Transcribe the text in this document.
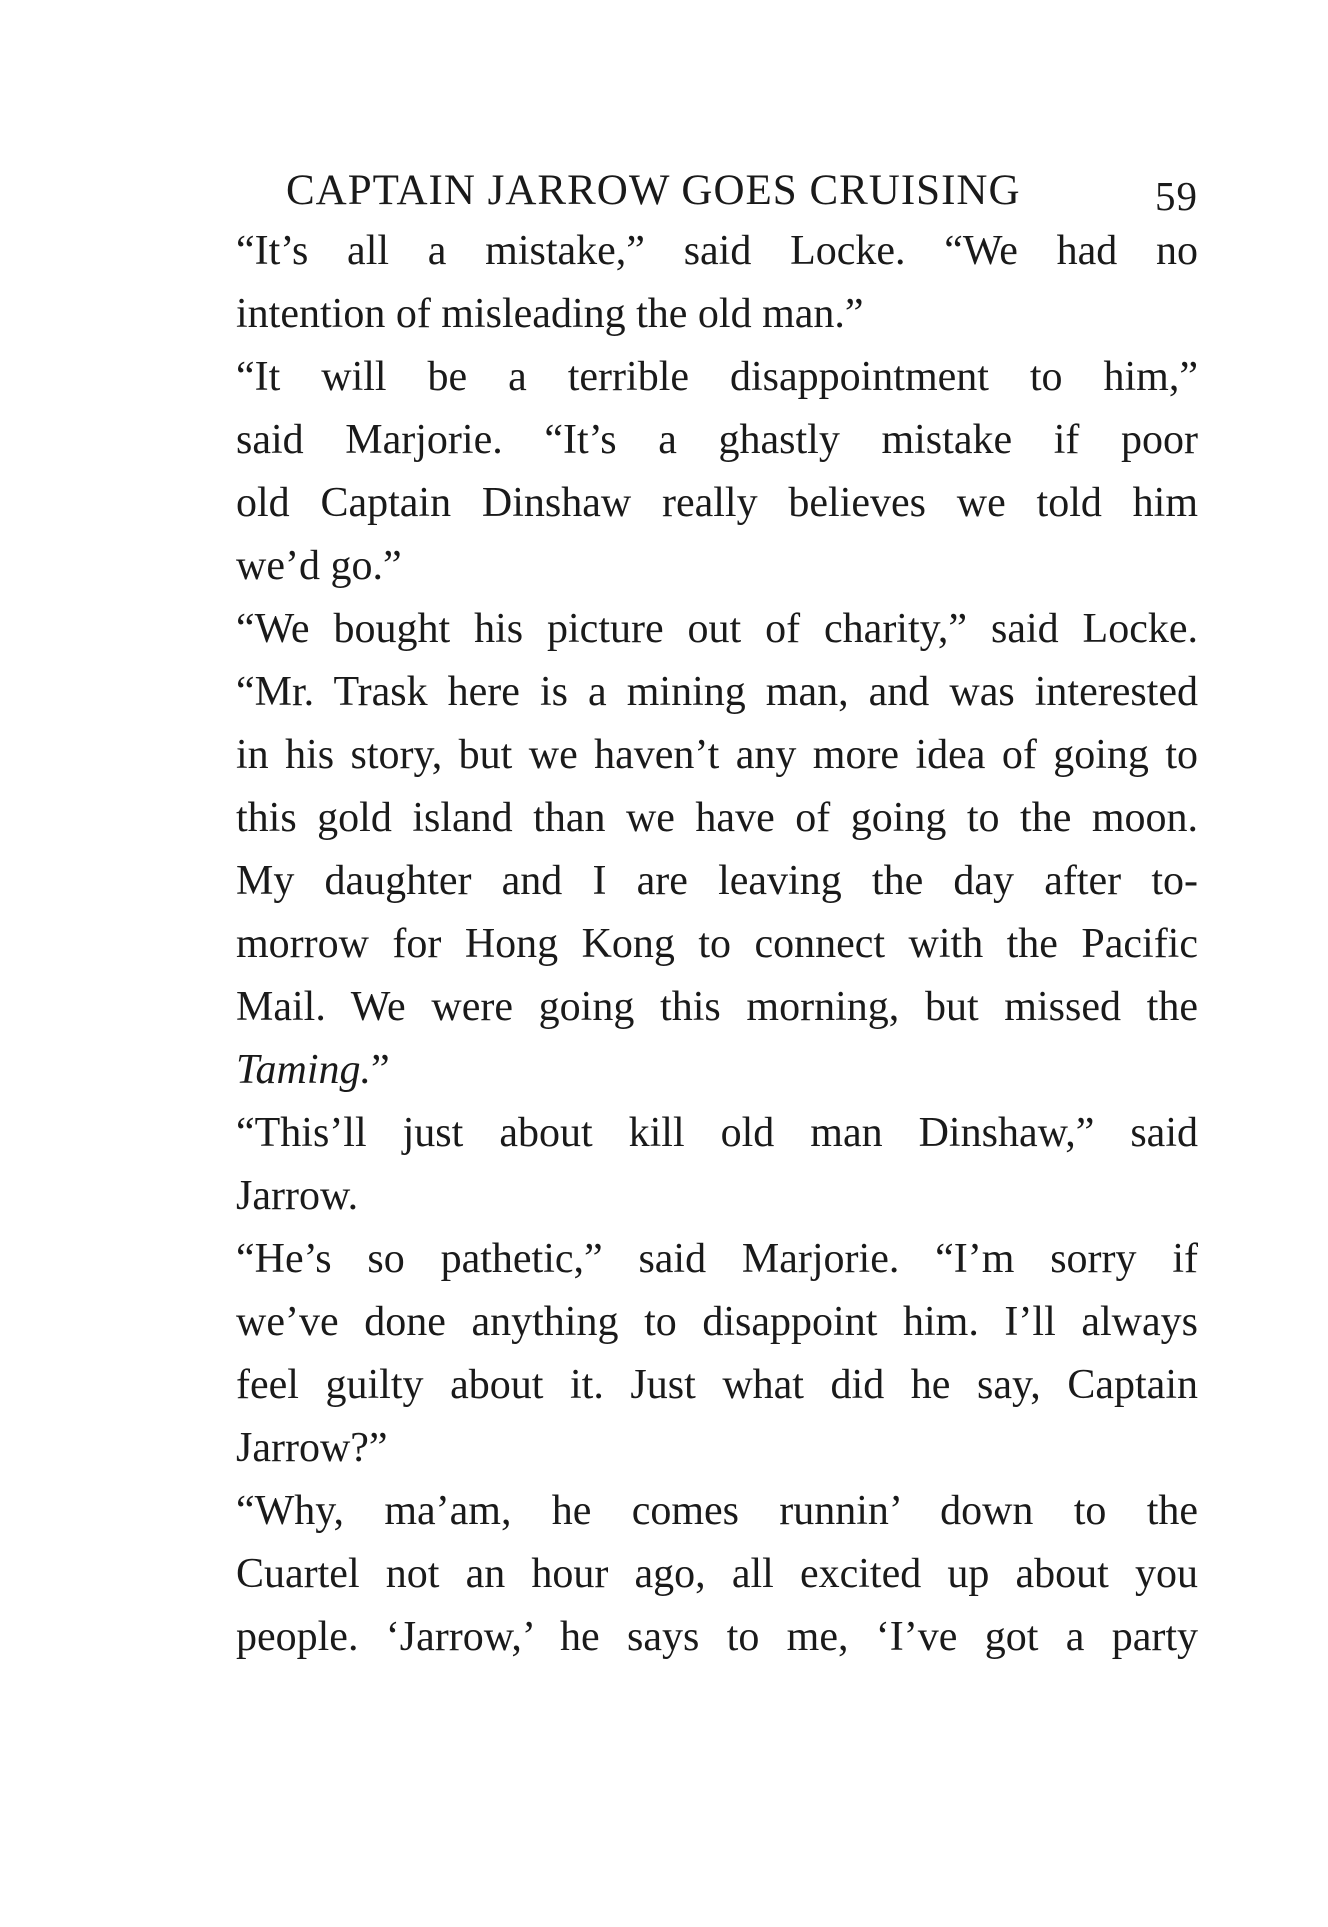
CAPTAIN JARROW GOES CRUISING	59

“It’s all a mistake,” said Locke. “We had no
intention of misleading the old man.”

“It will be a terrible disappointment to him,”
said Marjorie. “It’s a ghastly mistake if poor
old Captain Dinshaw really believes we told him
we’d go.”

“We bought his picture out of charity,” said Locke.
“Mr. Trask here is a mining man, and was interested
in his story, but we haven’t any more idea of going to
this gold island than we have of going to the moon.
My daughter and I are leaving the day after to-
morrow for Hong Kong to connect with the Pacific
Mail. We were going this morning, but missed the
Taming.”

“This’ll just about kill old man Dinshaw,” said
Jarrow.

“He’s so pathetic,” said Marjorie. “I’m sorry if
we’ve done anything to disappoint him. I’ll always
feel guilty about it. Just what did he say, Captain
Jarrow?”

“Why, ma’am, he comes runnin’ down to the
Cuartel not an hour ago, all excited up about you
people. ‘Jarrow,’ he says to me, ‘I’ve got a party
